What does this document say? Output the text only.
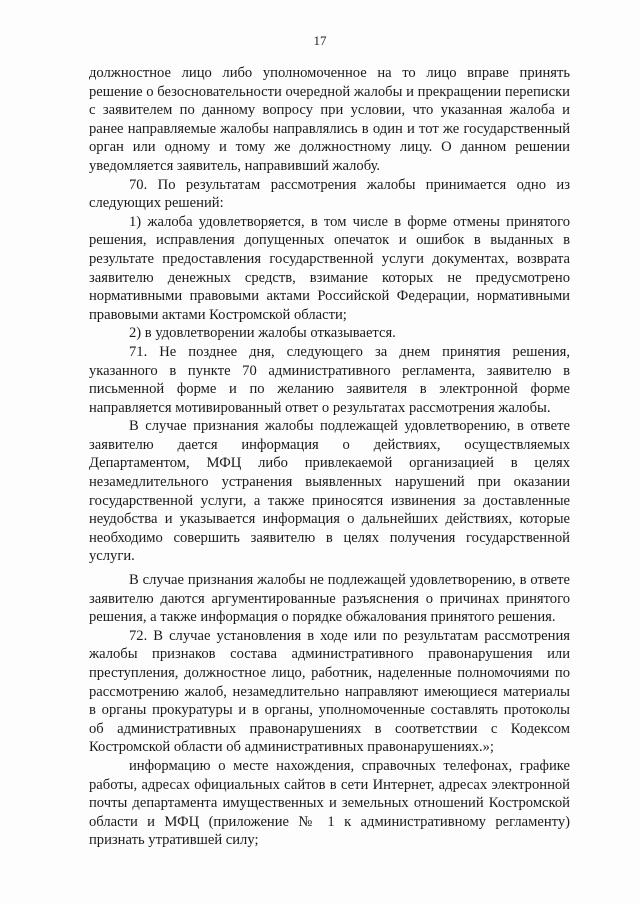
17

должностное лицо либо уполномоченное на то лицо вправе принять решение о безосновательности очередной жалобы и прекращении переписки с заявителем по данному вопросу при условии, что указанная жалоба и ранее направляемые жалобы направлялись в один и тот же государственный орган или одному и тому же должностному лицу. О данном решении уведомляется заявитель, направивший жалобу.

70. По результатам рассмотрения жалобы принимается одно из следующих решений:

1) жалоба удовлетворяется, в том числе в форме отмены принятого решения, исправления допущенных опечаток и ошибок в выданных в результате предоставления государственной услуги документах, возврата заявителю денежных средств, взимание которых не предусмотрено нормативными правовыми актами Российской Федерации, нормативными правовыми актами Костромской области;

2) в удовлетворении жалобы отказывается.

71. Не позднее дня, следующего за днем принятия решения, указанного в пункте 70 административного регламента, заявителю в письменной форме и по желанию заявителя в электронной форме направляется мотивированный ответ о результатах рассмотрения жалобы.

В случае признания жалобы подлежащей удовлетворению, в ответе заявителю дается информация о действиях, осуществляемых Департаментом, МФЦ либо привлекаемой организацией в целях незамедлительного устранения выявленных нарушений при оказании государственной услуги, а также приносятся извинения за доставленные неудобства и указывается информация о дальнейших действиях, которые необходимо совершить заявителю в целях получения государственной услуги.

В случае признания жалобы не подлежащей удовлетворению, в ответе заявителю даются аргументированные разъяснения о причинах принятого решения, а также информация о порядке обжалования принятого решения.

72. В случае установления в ходе или по результатам рассмотрения жалобы признаков состава административного правонарушения или преступления, должностное лицо, работник, наделенные полномочиями по рассмотрению жалоб, незамедлительно направляют имеющиеся материалы в органы прокуратуры и в органы, уполномоченные составлять протоколы об административных правонарушениях в соответствии с Кодексом Костромской области об административных правонарушениях.»;

информацию о месте нахождения, справочных телефонах, графике работы, адресах официальных сайтов в сети Интернет, адресах электронной почты департамента имущественных и земельных отношений Костромской области и МФЦ (приложение № 1 к административному регламенту) признать утратившей силу;
